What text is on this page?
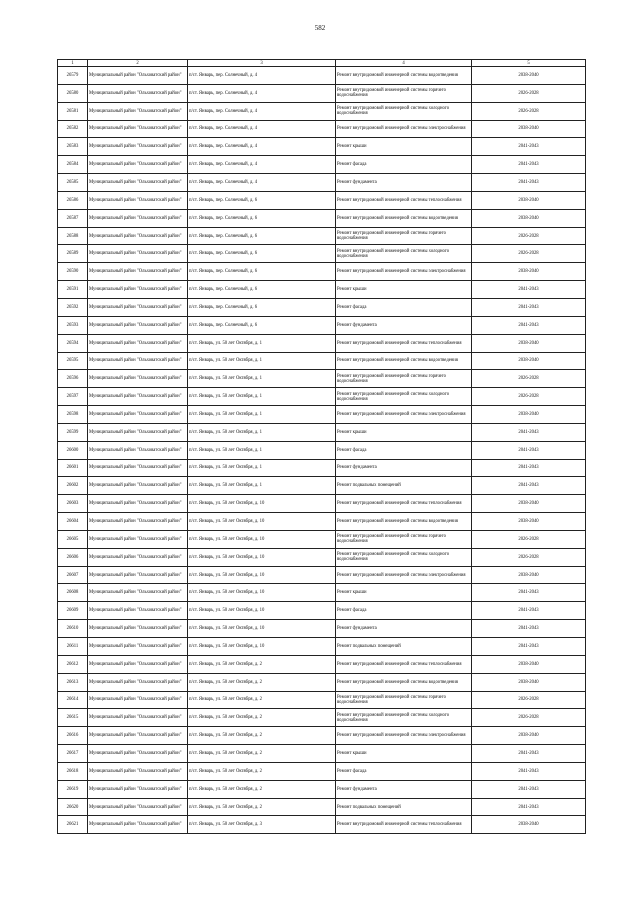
582
1	2	3	4	5
26579	Муниципальный район "Ольховатский район"	п/ст. Январь, пер. Солнечный, д. 4	Ремонт внутридомовой инженерной системы водоотведения	2038-2040
26580	Муниципальный район "Ольховатский район"	п/ст. Январь, пер. Солнечный, д. 4	Ремонт внутридомовой инженерной системы горячего водоснабжения	2026-2028
26581	Муниципальный район "Ольховатский район"	п/ст. Январь, пер. Солнечный, д. 4	Ремонт внутридомовой инженерной системы холодного водоснабжения	2026-2028
26582	Муниципальный район "Ольховатский район"	п/ст. Январь, пер. Солнечный, д. 4	Ремонт внутридомовой инженерной системы электроснабжения	2038-2040
26583	Муниципальный район "Ольховатский район"	п/ст. Январь, пер. Солнечный, д. 4	Ремонт крыши	2041-2043
26584	Муниципальный район "Ольховатский район"	п/ст. Январь, пер. Солнечный, д. 4	Ремонт фасада	2041-2043
26585	Муниципальный район "Ольховатский район"	п/ст. Январь, пер. Солнечный, д. 4	Ремонт фундамента	2041-2043
26586	Муниципальный район "Ольховатский район"	п/ст. Январь, пер. Солнечный, д. 6	Ремонт внутридомовой инженерной системы теплоснабжения	2038-2040
26587	Муниципальный район "Ольховатский район"	п/ст. Январь, пер. Солнечный, д. 6	Ремонт внутридомовой инженерной системы водоотведения	2038-2040
26588	Муниципальный район "Ольховатский район"	п/ст. Январь, пер. Солнечный, д. 6	Ремонт внутридомовой инженерной системы горячего водоснабжения	2026-2028
26589	Муниципальный район "Ольховатский район"	п/ст. Январь, пер. Солнечный, д. 6	Ремонт внутридомовой инженерной системы холодного водоснабжения	2026-2028
26590	Муниципальный район "Ольховатский район"	п/ст. Январь, пер. Солнечный, д. 6	Ремонт внутридомовой инженерной системы электроснабжения	2038-2040
26591	Муниципальный район "Ольховатский район"	п/ст. Январь, пер. Солнечный, д. 6	Ремонт крыши	2041-2043
26592	Муниципальный район "Ольховатский район"	п/ст. Январь, пер. Солнечный, д. 6	Ремонт фасада	2041-2043
26593	Муниципальный район "Ольховатский район"	п/ст. Январь, пер. Солнечный, д. 6	Ремонт фундамента	2041-2043
26594	Муниципальный район "Ольховатский район"	п/ст. Январь, ул. 50 лет Октября, д. 1	Ремонт внутридомовой инженерной системы теплоснабжения	2038-2040
26595	Муниципальный район "Ольховатский район"	п/ст. Январь, ул. 50 лет Октября, д. 1	Ремонт внутридомовой инженерной системы водоотведения	2038-2040
26596	Муниципальный район "Ольховатский район"	п/ст. Январь, ул. 50 лет Октября, д. 1	Ремонт внутридомовой инженерной системы горячего водоснабжения	2026-2028
26597	Муниципальный район "Ольховатский район"	п/ст. Январь, ул. 50 лет Октября, д. 1	Ремонт внутридомовой инженерной системы холодного водоснабжения	2026-2028
26598	Муниципальный район "Ольховатский район"	п/ст. Январь, ул. 50 лет Октября, д. 1	Ремонт внутридомовой инженерной системы электроснабжения	2038-2040
26599	Муниципальный район "Ольховатский район"	п/ст. Январь, ул. 50 лет Октября, д. 1	Ремонт крыши	2041-2043
26600	Муниципальный район "Ольховатский район"	п/ст. Январь, ул. 50 лет Октября, д. 1	Ремонт фасада	2041-2043
26601	Муниципальный район "Ольховатский район"	п/ст. Январь, ул. 50 лет Октября, д. 1	Ремонт фундамента	2041-2043
26602	Муниципальный район "Ольховатский район"	п/ст. Январь, ул. 50 лет Октября, д. 1	Ремонт подвальных помещений	2041-2043
26603	Муниципальный район "Ольховатский район"	п/ст. Январь, ул. 50 лет Октября, д. 10	Ремонт внутридомовой инженерной системы теплоснабжения	2038-2040
26604	Муниципальный район "Ольховатский район"	п/ст. Январь, ул. 50 лет Октября, д. 10	Ремонт внутридомовой инженерной системы водоотведения	2038-2040
26605	Муниципальный район "Ольховатский район"	п/ст. Январь, ул. 50 лет Октября, д. 10	Ремонт внутридомовой инженерной системы горячего водоснабжения	2026-2028
26606	Муниципальный район "Ольховатский район"	п/ст. Январь, ул. 50 лет Октября, д. 10	Ремонт внутридомовой инженерной системы холодного водоснабжения	2026-2028
26607	Муниципальный район "Ольховатский район"	п/ст. Январь, ул. 50 лет Октября, д. 10	Ремонт внутридомовой инженерной системы электроснабжения	2038-2040
26608	Муниципальный район "Ольховатский район"	п/ст. Январь, ул. 50 лет Октября, д. 10	Ремонт крыши	2041-2043
26609	Муниципальный район "Ольховатский район"	п/ст. Январь, ул. 50 лет Октября, д. 10	Ремонт фасада	2041-2043
26610	Муниципальный район "Ольховатский район"	п/ст. Январь, ул. 50 лет Октября, д. 10	Ремонт фундамента	2041-2043
26611	Муниципальный район "Ольховатский район"	п/ст. Январь, ул. 50 лет Октября, д. 10	Ремонт подвальных помещений	2041-2043
26612	Муниципальный район "Ольховатский район"	п/ст. Январь, ул. 50 лет Октября, д. 2	Ремонт внутридомовой инженерной системы теплоснабжения	2038-2040
26613	Муниципальный район "Ольховатский район"	п/ст. Январь, ул. 50 лет Октября, д. 2	Ремонт внутридомовой инженерной системы водоотведения	2038-2040
26614	Муниципальный район "Ольховатский район"	п/ст. Январь, ул. 50 лет Октября, д. 2	Ремонт внутридомовой инженерной системы горячего водоснабжения	2026-2028
26615	Муниципальный район "Ольховатский район"	п/ст. Январь, ул. 50 лет Октября, д. 2	Ремонт внутридомовой инженерной системы холодного водоснабжения	2026-2028
26616	Муниципальный район "Ольховатский район"	п/ст. Январь, ул. 50 лет Октября, д. 2	Ремонт внутридомовой инженерной системы электроснабжения	2038-2040
26617	Муниципальный район "Ольховатский район"	п/ст. Январь, ул. 50 лет Октября, д. 2	Ремонт крыши	2041-2043
26618	Муниципальный район "Ольховатский район"	п/ст. Январь, ул. 50 лет Октября, д. 2	Ремонт фасада	2041-2043
26619	Муниципальный район "Ольховатский район"	п/ст. Январь, ул. 50 лет Октября, д. 2	Ремонт фундамента	2041-2043
26620	Муниципальный район "Ольховатский район"	п/ст. Январь, ул. 50 лет Октября, д. 2	Ремонт подвальных помещений	2041-2043
26621	Муниципальный район "Ольховатский район"	п/ст. Январь, ул. 50 лет Октября, д. 3	Ремонт внутридомовой инженерной системы теплоснабжения	2038-2040
